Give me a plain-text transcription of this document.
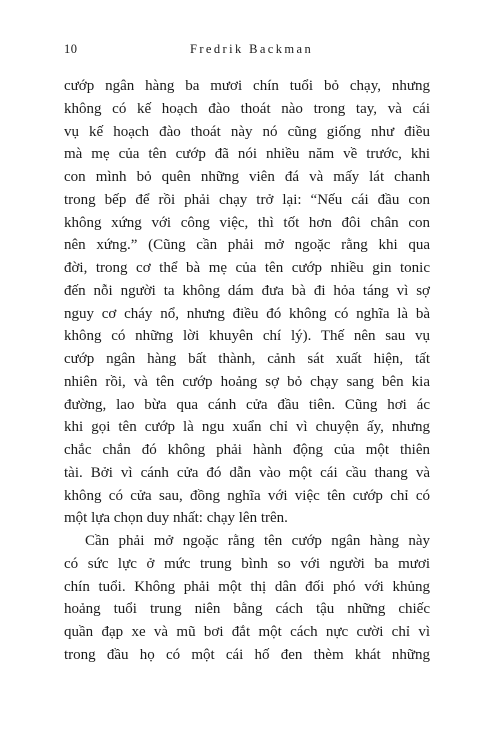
10	Fredrik Backman

cướp ngân hàng ba mươi chín tuổi bỏ chạy, nhưng
không có kế hoạch đào thoát nào trong tay, và cái
vụ kế hoạch đào thoát này nó cũng giống như điều
mà mẹ của tên cướp đã nói nhiều năm về trước, khi
con mình bỏ quên những viên đá và mấy lát chanh
trong bếp để rồi phải chạy trở lại: “Nếu cái đầu con
không xứng với công việc, thì tốt hơn đôi chân con
nên xứng.” (Cũng cần phải mở ngoặc rằng khi qua
đời, trong cơ thể bà mẹ của tên cướp nhiều gin tonic
đến nỗi người ta không dám đưa bà đi hỏa táng vì sợ
nguy cơ cháy nổ, nhưng điều đó không có nghĩa là bà
không có những lời khuyên chí lý). Thế nên sau vụ
cướp ngân hàng bất thành, cảnh sát xuất hiện, tất
nhiên rồi, và tên cướp hoảng sợ bỏ chạy sang bên kia
đường, lao bừa qua cánh cửa đầu tiên. Cũng hơi ác
khi gọi tên cướp là ngu xuẩn chỉ vì chuyện ấy, nhưng
chắc chắn đó không phải hành động của một thiên
tài. Bởi vì cánh cửa đó dẫn vào một cái cầu thang và
không có cửa sau, đồng nghĩa với việc tên cướp chỉ có
một lựa chọn duy nhất: chạy lên trên.

Cần phải mở ngoặc rằng tên cướp ngân hàng này
có sức lực ở mức trung bình so với người ba mươi
chín tuổi. Không phải một thị dân đối phó với khủng
hoảng tuổi trung niên bằng cách tậu những chiếc
quần đạp xe và mũ bơi đắt một cách nực cười chỉ vì
trong đầu họ có một cái hố đen thèm khát những
